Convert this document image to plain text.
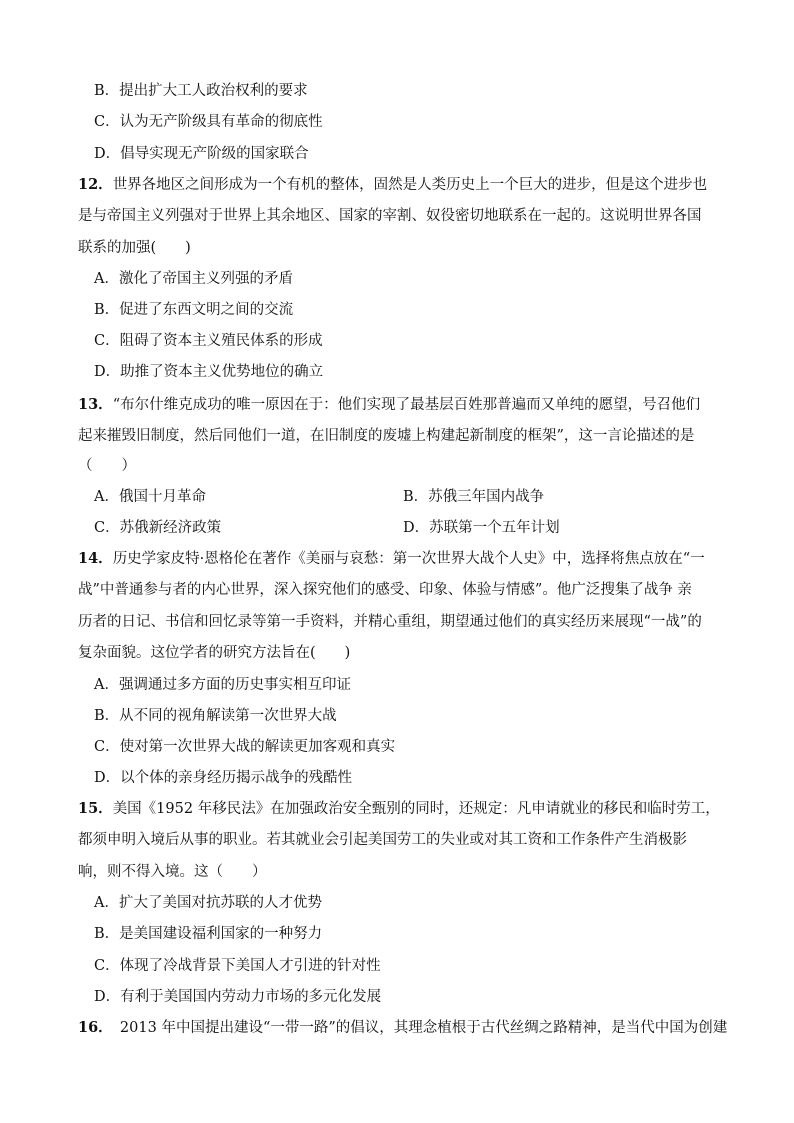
B．提出扩大工人政治权利的要求
C．认为无产阶级具有革命的彻底性
D．倡导实现无产阶级的国家联合
12．世界各地区之间形成为一个有机的整体，固然是人类历史上一个巨大的进步，但是这个进步也
是与帝国主义列强对于世界上其余地区、国家的宰割、奴役密切地联系在一起的。这说明世界各国
联系的加强(　　)
A．激化了帝国主义列强的矛盾
B．促进了东西文明之间的交流
C．阻碍了资本主义殖民体系的形成
D．助推了资本主义优势地位的确立
13．“布尔什维克成功的唯一原因在于：他们实现了最基层百姓那普遍而又单纯的愿望，号召他们
起来摧毁旧制度，然后同他们一道，在旧制度的废墟上构建起新制度的框架”，这一言论描述的是
（　　）
A．俄国十月革命	B．苏俄三年国内战争
C．苏俄新经济政策	D．苏联第一个五年计划
14．历史学家皮特·恩格伦在著作《美丽与哀愁：第一次世界大战个人史》中，选择将焦点放在“一
战”中普通参与者的内心世界，深入探究他们的感受、印象、体验与情感”。他广泛搜集了战争 亲
历者的日记、书信和回忆录等第一手资料，并精心重组，期望通过他们的真实经历来展现“一战”的
复杂面貌。这位学者的研究方法旨在(　　)
A．强调通过多方面的历史事实相互印证
B．从不同的视角解读第一次世界大战
C．使对第一次世界大战的解读更加客观和真实
D．以个体的亲身经历揭示战争的残酷性
15．美国《1952 年移民法》在加强政治安全甄别的同时，还规定：凡申请就业的移民和临时劳工，
都须申明入境后从事的职业。若其就业会引起美国劳工的失业或对其工资和工作条件产生消极影
响，则不得入境。这（　　）
A．扩大了美国对抗苏联的人才优势
B．是美国建设福利国家的一种努力
C．体现了冷战背景下美国人才引进的针对性
D．有利于美国国内劳动力市场的多元化发展
16．　2013 年中国提出建设“一带一路”的倡议，其理念植根于古代丝绸之路精神，是当代中国为创建
